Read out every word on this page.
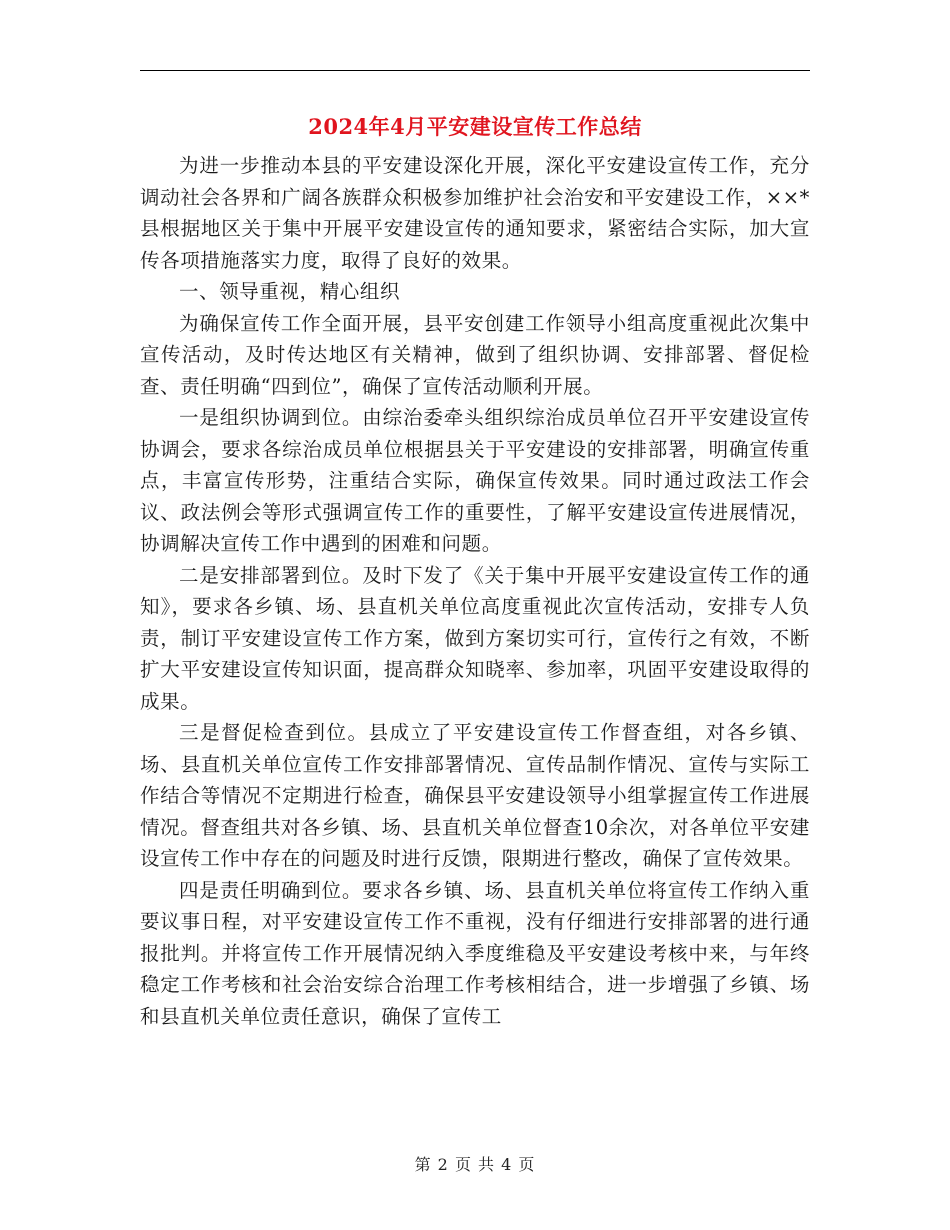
2024年4月平安建设宣传工作总结

为进一步推动本县的平安建设深化开展，深化平安建设宣传工作，充分调动社会各界和广阔各族群众积极参加维护社会治安和平安建设工作，××*县根据地区关于集中开展平安建设宣传的通知要求，紧密结合实际，加大宣传各项措施落实力度，取得了良好的效果。

一、领导重视，精心组织

为确保宣传工作全面开展，县平安创建工作领导小组高度重视此次集中宣传活动，及时传达地区有关精神，做到了组织协调、安排部署、督促检查、责任明确“四到位”，确保了宣传活动顺利开展。

一是组织协调到位。由综治委牵头组织综治成员单位召开平安建设宣传协调会，要求各综治成员单位根据县关于平安建设的安排部署，明确宣传重点，丰富宣传形势，注重结合实际，确保宣传效果。同时通过政法工作会议、政法例会等形式强调宣传工作的重要性，了解平安建设宣传进展情况，协调解决宣传工作中遇到的困难和问题。

二是安排部署到位。及时下发了《关于集中开展平安建设宣传工作的通知》，要求各乡镇、场、县直机关单位高度重视此次宣传活动，安排专人负责，制订平安建设宣传工作方案，做到方案切实可行，宣传行之有效，不断扩大平安建设宣传知识面，提高群众知晓率、参加率，巩固平安建设取得的成果。

三是督促检查到位。县成立了平安建设宣传工作督查组，对各乡镇、场、县直机关单位宣传工作安排部署情况、宣传品制作情况、宣传与实际工作结合等情况不定期进行检查，确保县平安建设领导小组掌握宣传工作进展情况。督查组共对各乡镇、场、县直机关单位督查10余次，对各单位平安建设宣传工作中存在的问题及时进行反馈，限期进行整改，确保了宣传效果。

四是责任明确到位。要求各乡镇、场、县直机关单位将宣传工作纳入重要议事日程，对平安建设宣传工作不重视，没有仔细进行安排部署的进行通报批判。并将宣传工作开展情况纳入季度维稳及平安建设考核中来，与年终稳定工作考核和社会治安综合治理工作考核相结合，进一步增强了乡镇、场和县直机关单位责任意识，确保了宣传工

第 2 页 共 4 页
